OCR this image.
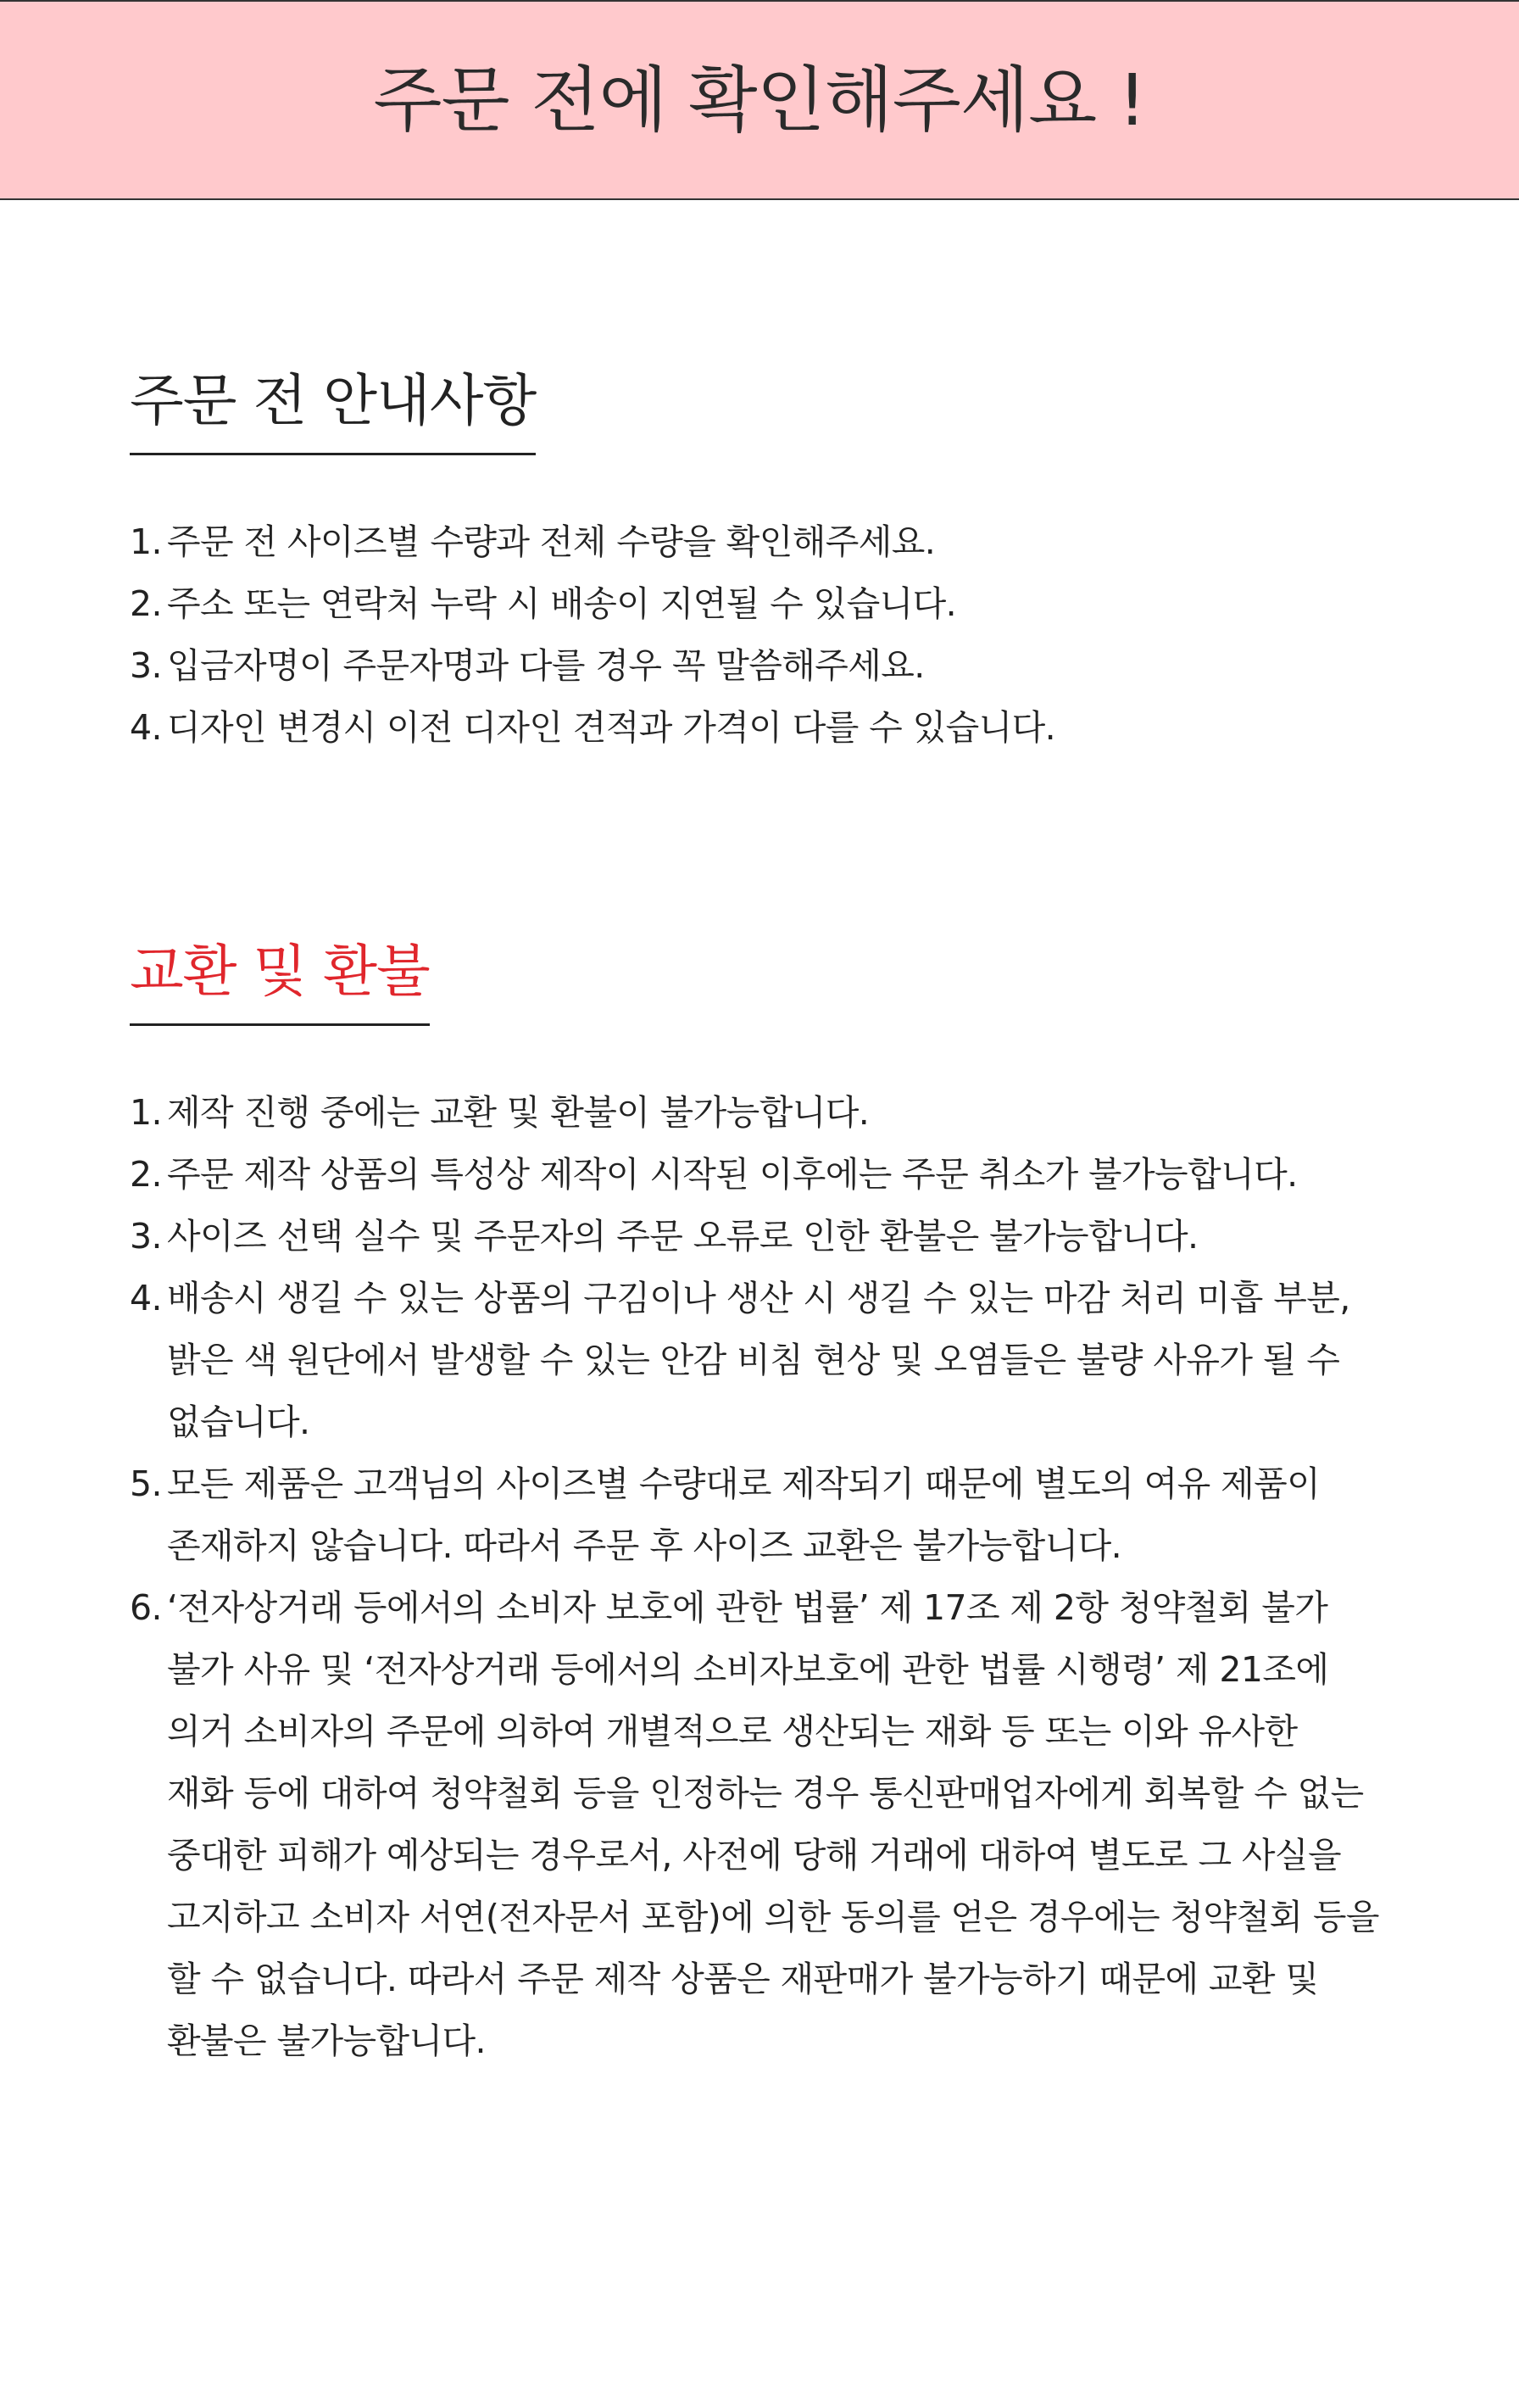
주문 전에 확인해주세요 !
주문 전 안내사항
1. 주문 전 사이즈별 수량과 전체 수량을 확인해주세요.
2. 주소 또는 연락처 누락 시 배송이 지연될 수 있습니다.
3. 입금자명이 주문자명과 다를 경우 꼭 말씀해주세요.
4. 디자인 변경시 이전 디자인 견적과 가격이 다를 수 있습니다.
교환 및 환불
1. 제작 진행 중에는 교환 및 환불이 불가능합니다.
2. 주문 제작 상품의 특성상 제작이 시작된 이후에는 주문 취소가 불가능합니다.
3. 사이즈 선택 실수 및 주문자의 주문 오류로 인한 환불은 불가능합니다.
4. 배송시 생길 수 있는 상품의 구김이나 생산 시 생길 수 있는 마감 처리 미흡 부분,
밝은 색 원단에서 발생할 수 있는 안감 비침 현상 및 오염들은 불량 사유가 될 수
없습니다.
5. 모든 제품은 고객님의 사이즈별 수량대로 제작되기 때문에 별도의 여유 제품이
존재하지 않습니다. 따라서 주문 후 사이즈 교환은 불가능합니다.
6. ‘전자상거래 등에서의 소비자 보호에 관한 법률’ 제 17조 제 2항 청약철회 불가
불가 사유 및 ‘전자상거래 등에서의 소비자보호에 관한 법률 시행령’ 제 21조에
의거 소비자의 주문에 의하여 개별적으로 생산되는 재화 등 또는 이와 유사한
재화 등에 대하여 청약철회 등을 인정하는 경우 통신판매업자에게 회복할 수 없는
중대한 피해가 예상되는 경우로서, 사전에 당해 거래에 대하여 별도로 그 사실을
고지하고 소비자 서연(전자문서 포함)에 의한 동의를 얻은 경우에는 청약철회 등을
할 수 없습니다. 따라서 주문 제작 상품은 재판매가 불가능하기 때문에 교환 및
환불은 불가능합니다.
